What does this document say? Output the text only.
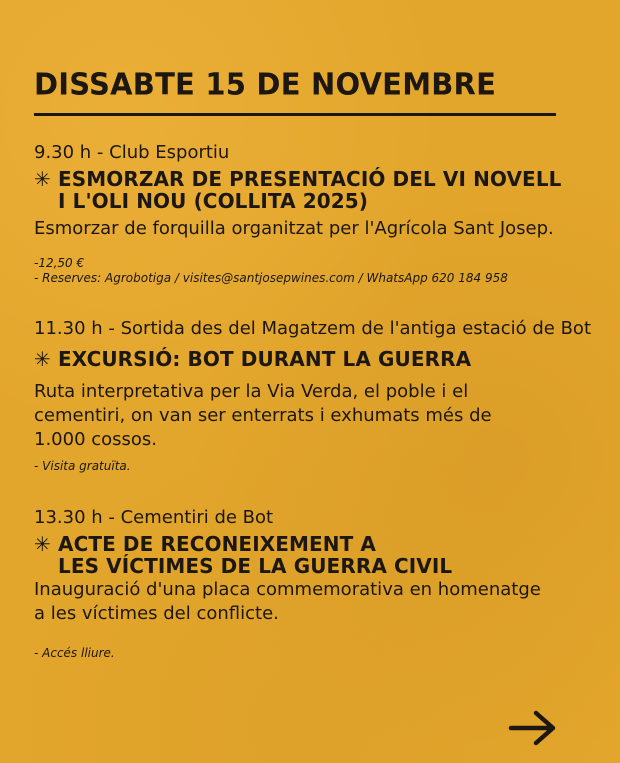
DISSABTE 15 DE NOVEMBRE
9.30 h - Club Esportiu
✳ ESMORZAR DE PRESENTACIÓ DEL VI NOVELL
I L'OLI NOU (COLLITA 2025)
Esmorzar de forquilla organitzat per l'Agrícola Sant Josep.
-12,50 €
- Reserves: Agrobotiga / visites@santjosepwines.com / WhatsApp 620 184 958
11.30 h - Sortida des del Magatzem de l'antiga estació de Bot
✳ EXCURSIÓ: BOT DURANT LA GUERRA
Ruta interpretativa per la Via Verda, el poble i el
cementiri, on van ser enterrats i exhumats més de
1.000 cossos.
- Visita gratuïta.
13.30 h - Cementiri de Bot
✳ ACTE DE RECONEIXEMENT A
LES VÍCTIMES DE LA GUERRA CIVIL
Inauguració d'una placa commemorativa en homenatge
a les víctimes del conflicte.
- Accés lliure.
